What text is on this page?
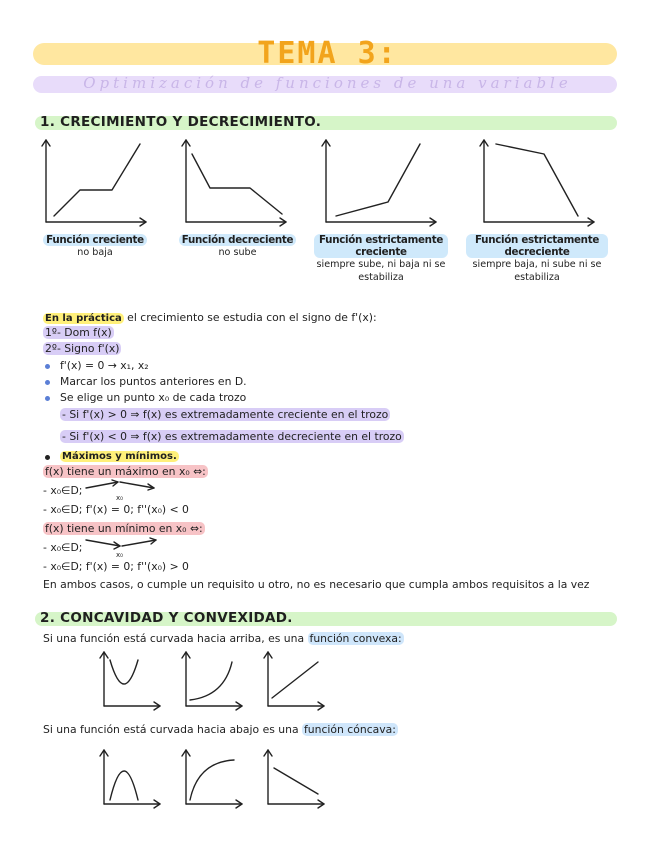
TEMA 3:
Optimización de funciones de una variable
1. CRECIMIENTO Y DECRECIMIENTO.
Función creciente
no baja
Función decreciente
no sube
Función estrictamente creciente
siempre sube, ni baja ni se estabiliza
Función estrictamente decreciente
siempre baja, ni sube ni se estabiliza
En la práctica el crecimiento se estudia con el signo de f'(x):
1º- Dom f(x)
2º- Signo f'(x)
f'(x) = 0 → x₁, x₂
Marcar los puntos anteriores en D.
Se elige un punto x₀ de cada trozo
- Si f'(x) > 0 ⇒ f(x) es extremadamente creciente en el trozo
- Si f'(x) < 0 ⇒ f(x) es extremadamente decreciente en el trozo
Máximos y mínimos.
f(x) tiene un máximo en x₀ ⇔:
- x₀∈D;
x₀
- x₀∈D; f'(x) = 0; f''(x₀) < 0
f(x) tiene un mínimo en x₀ ⇔:
- x₀∈D;
x₀
- x₀∈D; f'(x) = 0; f''(x₀) > 0
En ambos casos, o cumple un requisito u otro, no es necesario que cumpla ambos requisitos a la vez
2. CONCAVIDAD Y CONVEXIDAD.
Si una función está curvada hacia arriba, es una función convexa:
Si una función está curvada hacia abajo es una función cóncava:
